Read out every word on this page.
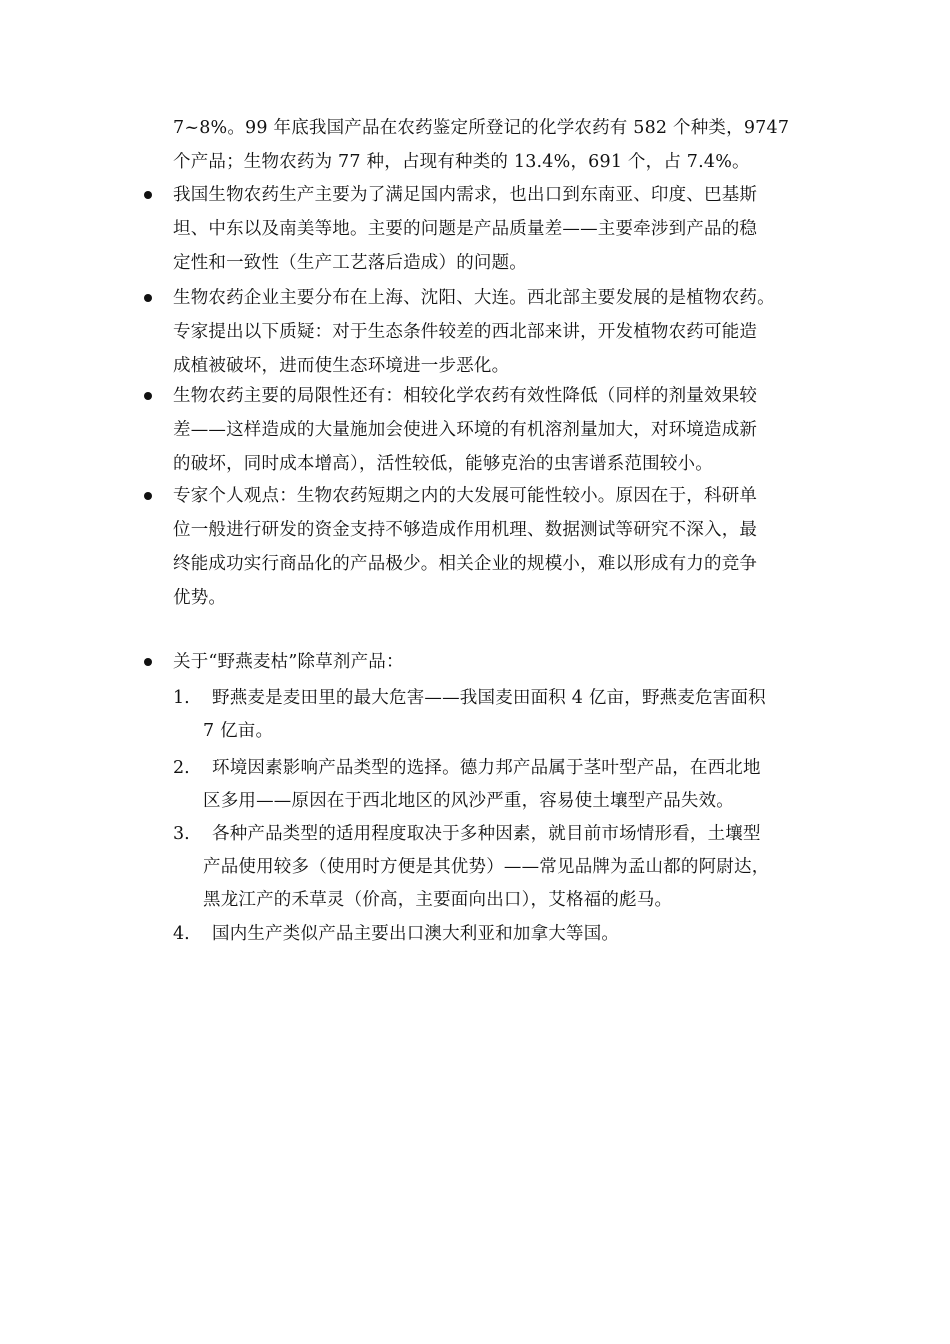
7~8%。99 年底我国产品在农药鉴定所登记的化学农药有 582 个种类，9747
个产品；生物农药为 77 种，占现有种类的 13.4%，691 个，占 7.4%。
我国生物农药生产主要为了满足国内需求，也出口到东南亚、印度、巴基斯
坦、中东以及南美等地。主要的问题是产品质量差——主要牵涉到产品的稳
定性和一致性（生产工艺落后造成）的问题。
生物农药企业主要分布在上海、沈阳、大连。西北部主要发展的是植物农药。
专家提出以下质疑：对于生态条件较差的西北部来讲，开发植物农药可能造
成植被破坏，进而使生态环境进一步恶化。
生物农药主要的局限性还有：相较化学农药有效性降低（同样的剂量效果较
差——这样造成的大量施加会使进入环境的有机溶剂量加大，对环境造成新
的破坏，同时成本增高），活性较低，能够克治的虫害谱系范围较小。
专家个人观点：生物农药短期之内的大发展可能性较小。原因在于，科研单
位一般进行研发的资金支持不够造成作用机理、数据测试等研究不深入，最
终能成功实行商品化的产品极少。相关企业的规模小，难以形成有力的竞争
优势。
关于“野燕麦枯”除草剂产品：
1. 野燕麦是麦田里的最大危害——我国麦田面积 4 亿亩，野燕麦危害面积
7 亿亩。
2. 环境因素影响产品类型的选择。德力邦产品属于茎叶型产品，在西北地
区多用——原因在于西北地区的风沙严重，容易使土壤型产品失效。
3. 各种产品类型的适用程度取决于多种因素，就目前市场情形看，土壤型
产品使用较多（使用时方便是其优势）——常见品牌为孟山都的阿尉达，
黑龙江产的禾草灵（价高，主要面向出口），艾格福的彪马。
4. 国内生产类似产品主要出口澳大利亚和加拿大等国。
